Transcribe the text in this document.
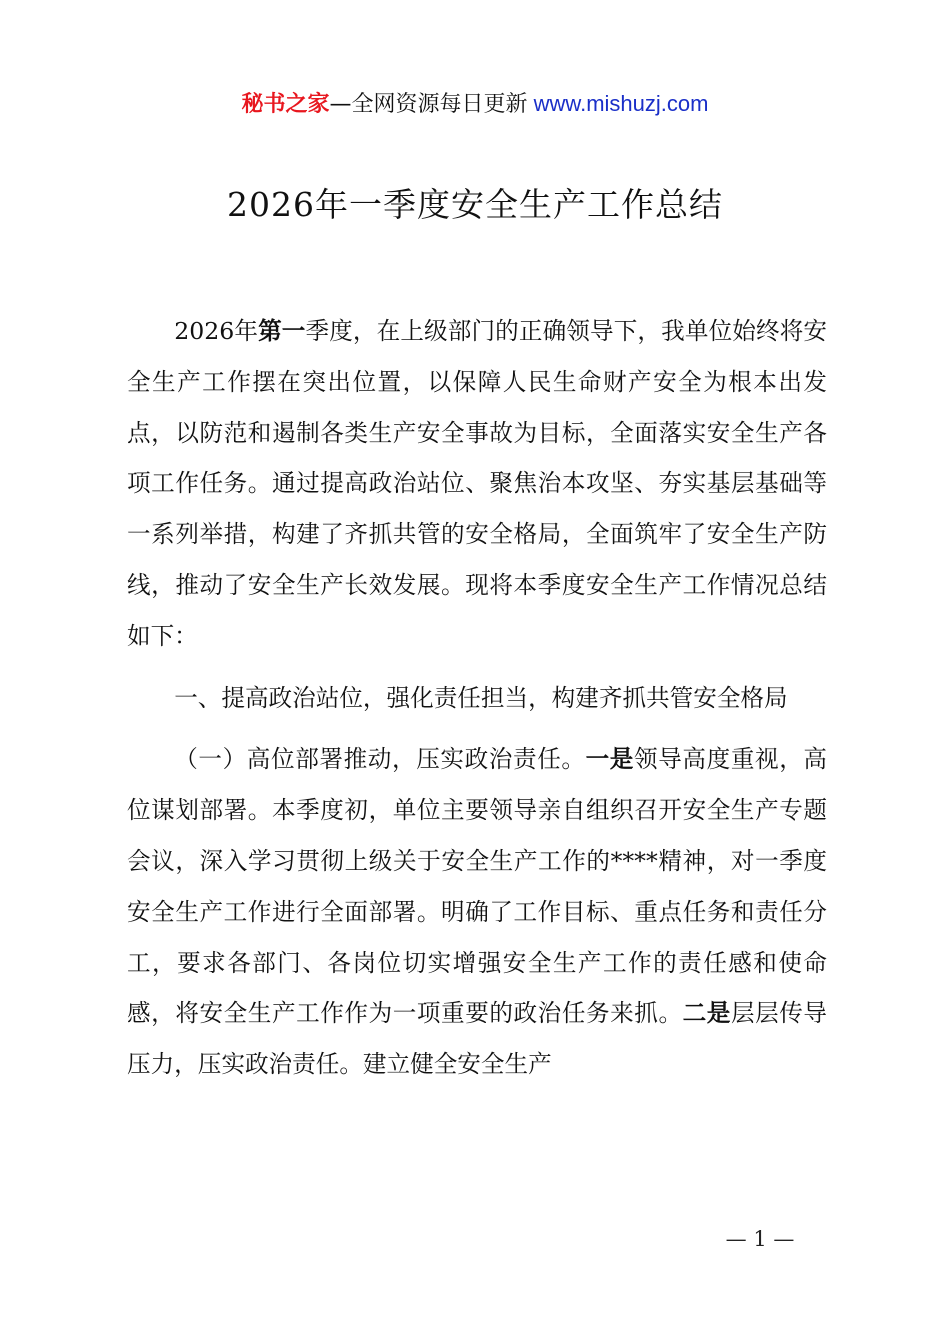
秘书之家—全网资源每日更新 www.mishuzj.com
2026年一季度安全生产工作总结

2026年第一季度，在上级部门的正确领导下，我单位始终将安全生产工作摆在突出位置，以保障人民生命财产安全为根本出发点，以防范和遏制各类生产安全事故为目标，全面落实安全生产各项工作任务。通过提高政治站位、聚焦治本攻坚、夯实基层基础等一系列举措，构建了齐抓共管的安全格局，全面筑牢了安全生产防线，推动了安全生产长效发展。现将本季度安全生产工作情况总结如下：

一、提高政治站位，强化责任担当，构建齐抓共管安全格局

（一）高位部署推动，压实政治责任。一是领导高度重视，高位谋划部署。本季度初，单位主要领导亲自组织召开安全生产专题会议，深入学习贯彻上级关于安全生产工作的****精神，对一季度安全生产工作进行全面部署。明确了工作目标、重点任务和责任分工，要求各部门、各岗位切实增强安全生产工作的责任感和使命感，将安全生产工作作为一项重要的政治任务来抓。二是层层传导压力，压实政治责任。建立健全安全生产

— 1 —
